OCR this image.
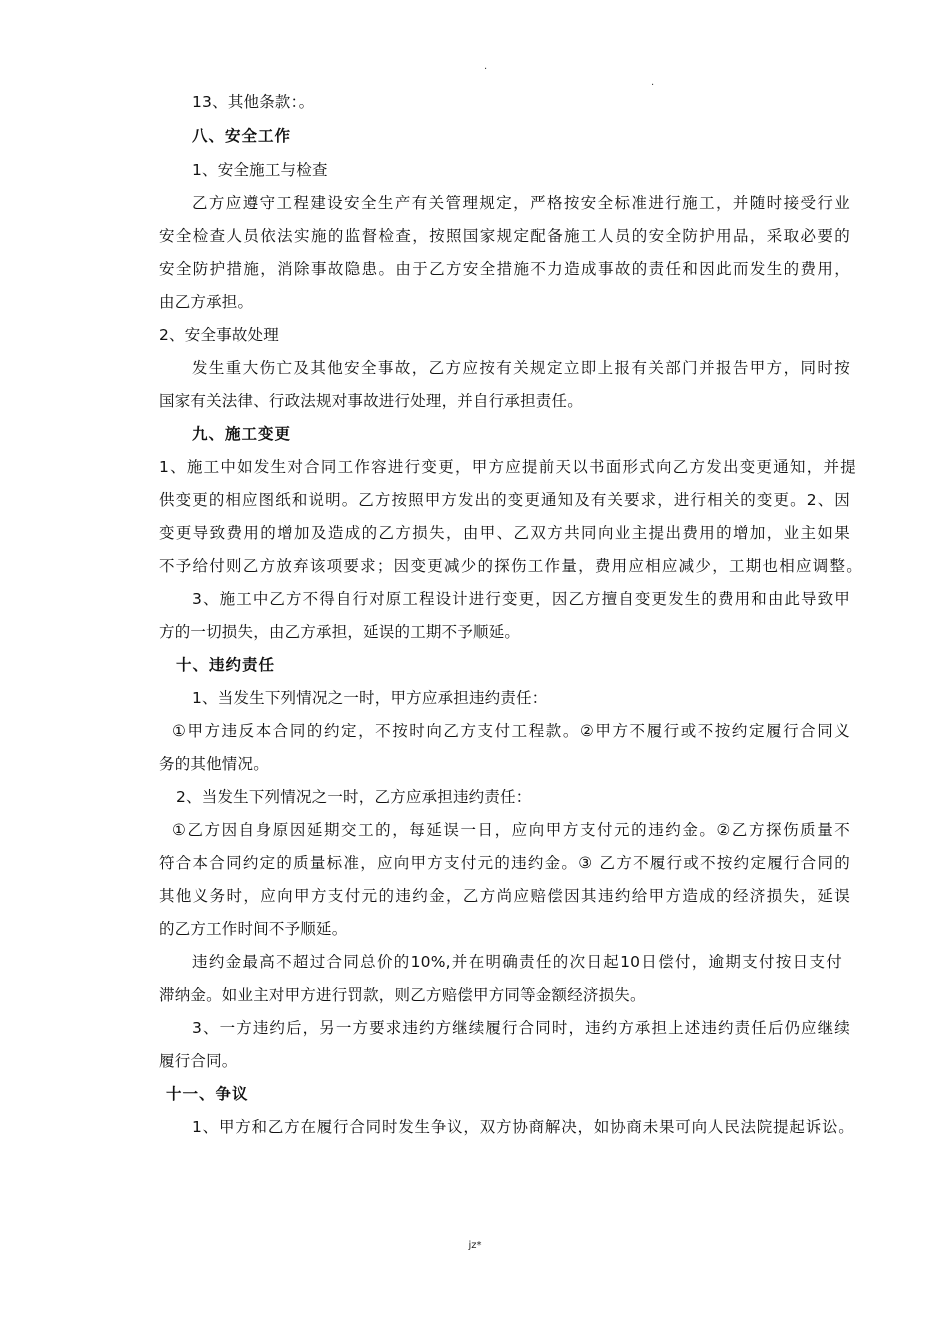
.
.
13、其他条款：。
八、安全工作
1、安全施工与检查
乙方应遵守工程建设安全生产有关管理规定，严格按安全标准进行施工，并随时接受行业
安全检查人员依法实施的监督检查，按照国家规定配备施工人员的安全防护用品，采取必要的
安全防护措施，消除事故隐患。由于乙方安全措施不力造成事故的责任和因此而发生的费用，
由乙方承担。
2、安全事故处理
发生重大伤亡及其他安全事故，乙方应按有关规定立即上报有关部门并报告甲方，同时按
国家有关法律、行政法规对事故进行处理，并自行承担责任。
九、施工变更
1、施工中如发生对合同工作容进行变更，甲方应提前天以书面形式向乙方发出变更通知，并提
供变更的相应图纸和说明。乙方按照甲方发出的变更通知及有关要求，进行相关的变更。2、因
变更导致费用的增加及造成的乙方损失，由甲、乙双方共同向业主提出费用的增加，业主如果
不予给付则乙方放弃该项要求；因变更减少的探伤工作量，费用应相应减少，工期也相应调整。
3、施工中乙方不得自行对原工程设计进行变更，因乙方擅自变更发生的费用和由此导致甲
方的一切损失，由乙方承担，延误的工期不予顺延。
十、违约责任
1、当发生下列情况之一时，甲方应承担违约责任：
①甲方违反本合同的约定，不按时向乙方支付工程款。②甲方不履行或不按约定履行合同义
务的其他情况。
2、当发生下列情况之一时，乙方应承担违约责任：
①乙方因自身原因延期交工的，每延误一日，应向甲方支付元的违约金。②乙方探伤质量不
符合本合同约定的质量标准，应向甲方支付元的违约金。③ 乙方不履行或不按约定履行合同的
其他义务时，应向甲方支付元的违约金，乙方尚应赔偿因其违约给甲方造成的经济损失，延误
的乙方工作时间不予顺延。
违约金最高不超过合同总价的10%,并在明确责任的次日起10日偿付，逾期支付按日支付
滞纳金。如业主对甲方进行罚款，则乙方赔偿甲方同等金额经济损失。
3、一方违约后，另一方要求违约方继续履行合同时，违约方承担上述违约责任后仍应继续
履行合同。
十一、争议
1、甲方和乙方在履行合同时发生争议，双方协商解决，如协商未果可向人民法院提起诉讼。
jz*
